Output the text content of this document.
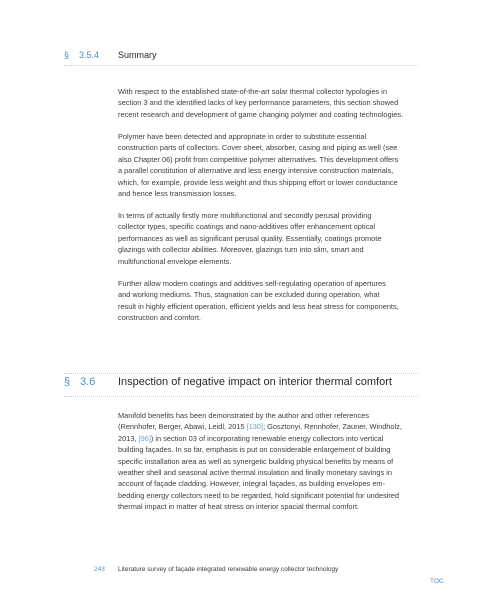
§ 3.5.4 Summary

With respect to the established state-of-the-art solar thermal collector typologies in
section 3 and the identified lacks of key performance parameters, this section showed
recent research and development of game changing polymer and coating technologies.

Polymer have been detected and appropriate in order to substitute essential
construction parts of collectors. Cover sheet, absorber, casing and piping as well (see
also Chapter 06) profit from competitive polymer alternatives. This development offers
a parallel constitution of alternative and less energy intensive construction materials,
which, for example, provide less weight and thus shipping effort or lower conductance
and hence less transmission losses.

In terms of actually firstly more multifunctional and secondly perusal providing
collector types, specific coatings and nano-additives offer enhancement optical
performances as well as significant perusal quality. Essentially, coatings promote
glazings with collector abilities. Moreover, glazings turn into slim, smart and
multifunctional envelope elements.

Further allow modern coatings and additives self-regulating operation of apertures
and working mediums. Thus, stagnation can be excluded during operation, what
result in highly efficient operation, efficient yields and less heat stress for components,
construction and comfort.

§ 3.6 Inspection of negative impact on interior thermal comfort

Manifold benefits has been demonstrated by the author and other references
(Rennhofer, Berger, Abawi, Leidl, 2015 [130]; Gosztonyi, Rennhofer, Zauner, Windholz,
2013, [96]) in section 03 of incorporating renewable energy collectors into vertical
building façades. In so far, emphasis is put on considerable enlargement of building
specific installation area as well as synergetic building physical benefits by means of
weather shell and seasonal active thermal insulation and finally monetary savings in
account of façade cladding. However, integral façades, as building envelopes em-
bedding energy collectors need to be regarded, hold significant potential for undesired
thermal impact in matter of heat stress on interior spacial thermal comfort.

243 Literature survey of façade integrated renewable energy collector technology
TOC
